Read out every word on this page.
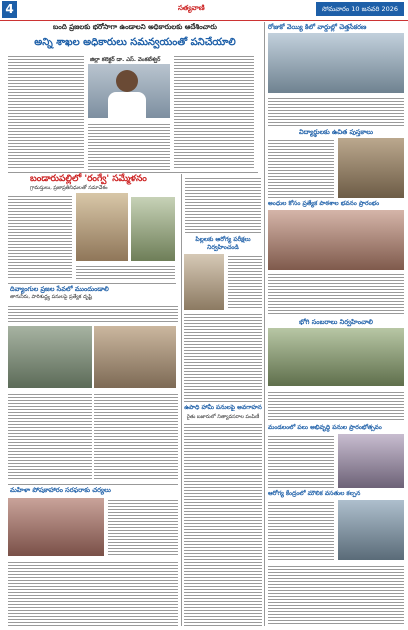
4	సత్యవాణి	సోమవారం 10 జనవరి 2026
బంది ప్రజలకు భరోసాగా ఉండాలని అధికారులకు ఆదేశించారు
అన్ని శాఖల అధికారులు సమన్వయంతో పనిచేయాలి
జిల్లా కలెక్టర్ డా. ఎస్. వెంకటేశ్వర్
బండారుపల్లిలో 'రంగ్వే' సమ్మేళనం
గ్రామస్తులు, ప్రజాప్రతినిధులతో సమావేశం
దివ్యాంగుల ప్రజల సేవలో ముందుండాలి
తాగునీరు, పారిశుద్ధ్య పనులపై ప్రత్యేక దృష్టి
మహిళా పోషకాహారం సరఫరాకు చర్యలు
పిల్లలకు ఆరోగ్య పరీక్షలు నిర్వహించండి
ఉపాధి హామీ పనులపై అవగాహన
రైతు బజారులో నిత్యావసరాల పంపిణీ
రోజుకో వెయ్యి కిలో వార్డుల్లో చెత్తసేకరణ
విద్యార్థులకు ఉచిత పుస్తకాలు
అంధుల కోసం ప్రత్యేక పాఠశాల భవనం ప్రారంభం
భోగి సంబరాలు నిర్వహించాలి
మండలంలో పలు అభివృద్ధి పనుల ప్రారంభోత్సవం
ఆరోగ్య కేంద్రంలో మౌలిక వసతుల కల్పన
